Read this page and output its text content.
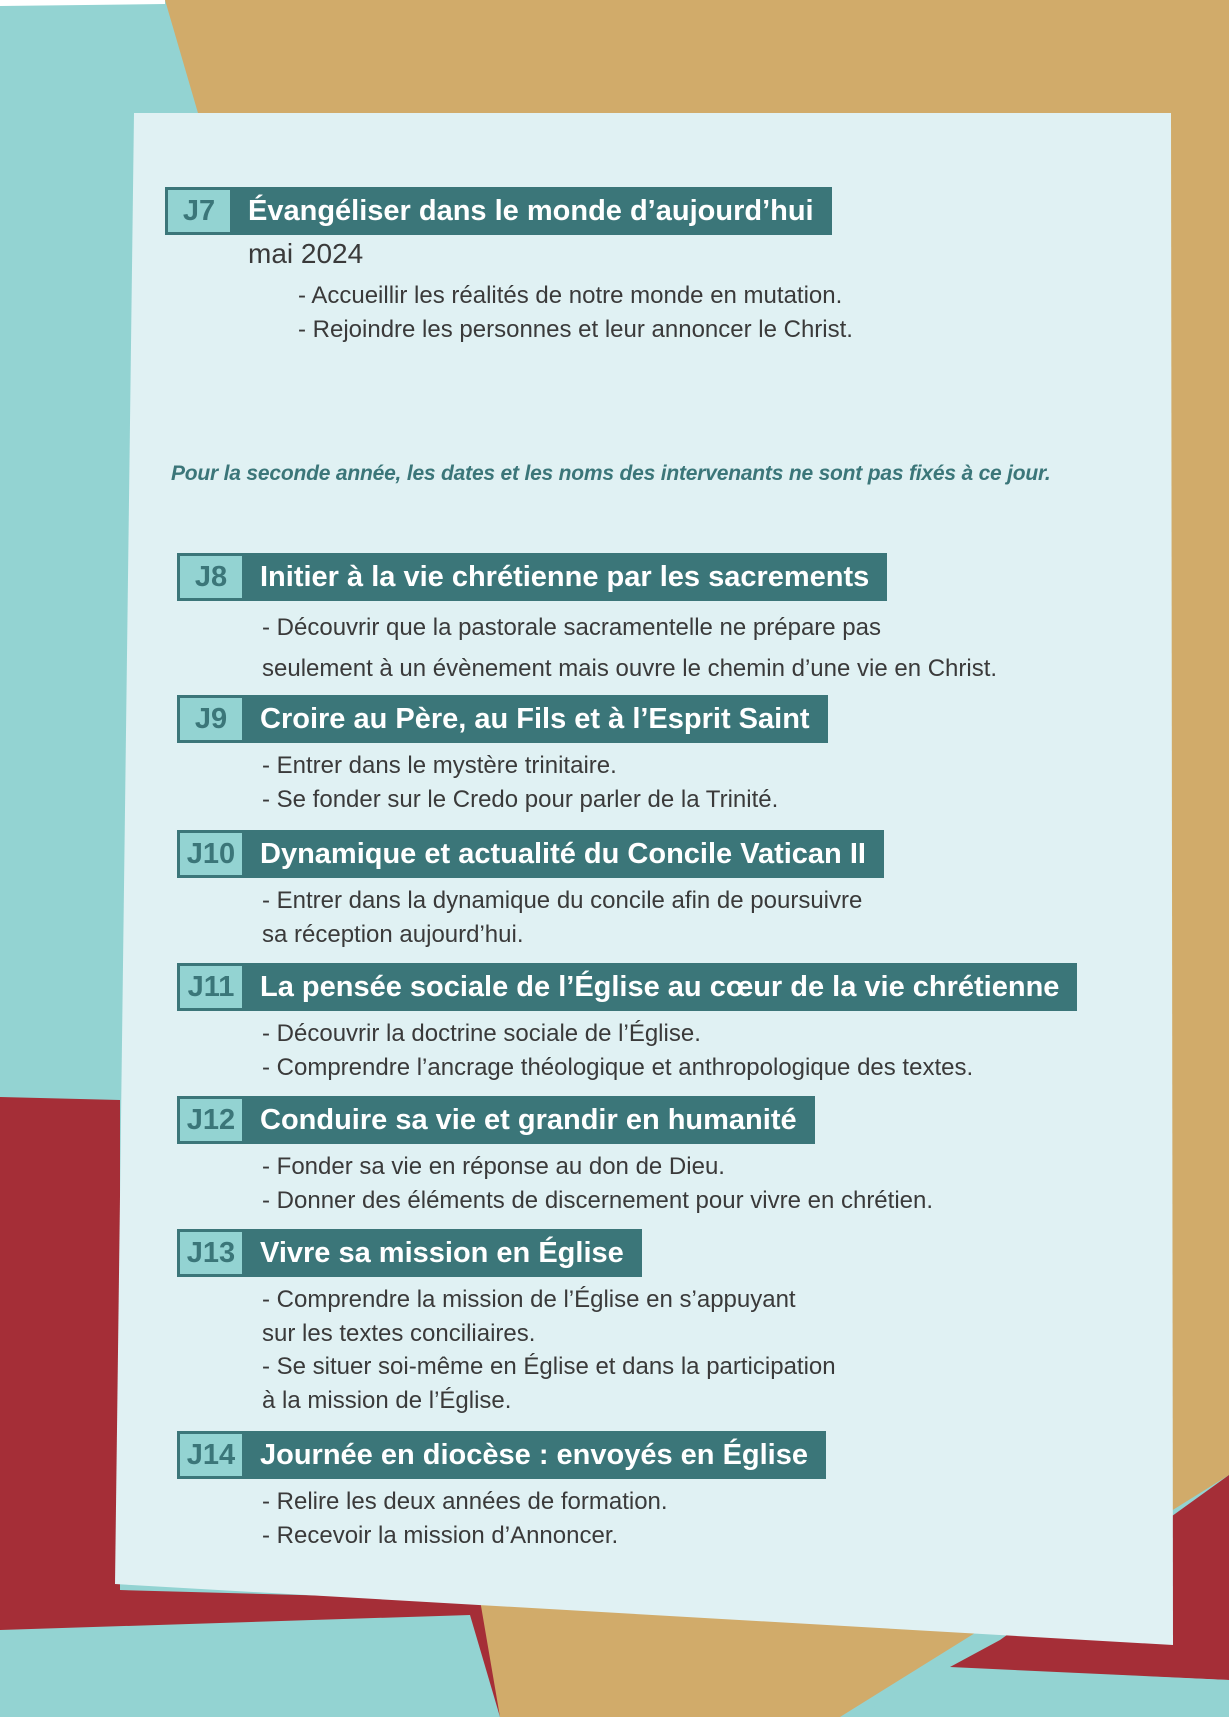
J7	Évangéliser dans le monde d’aujourd’hui
mai 2024
- Accueillir les réalités de notre monde en mutation.
- Rejoindre les personnes et leur annoncer le Christ.
Pour la seconde année, les dates et les noms des intervenants ne sont pas fixés à ce jour.
J8	Initier à la vie chrétienne par les sacrements
- Découvrir que la pastorale sacramentelle ne prépare pas
seulement à un évènement mais ouvre le chemin d’une vie en Christ.
J9	Croire au Père, au Fils et à l’Esprit Saint
- Entrer dans le mystère trinitaire.
- Se fonder sur le Credo pour parler de la Trinité.
J10 Dynamique et actualité du Concile Vatican II
- Entrer dans la dynamique du concile afin de poursuivre
sa réception aujourd’hui.
J11 La pensée sociale de l’Église au cœur de la vie chrétienne
- Découvrir la doctrine sociale de l’Église.
- Comprendre l’ancrage théologique et anthropologique des textes.
J12 Conduire sa vie et grandir en humanité
- Fonder sa vie en réponse au don de Dieu.
- Donner des éléments de discernement pour vivre en chrétien.
J13 Vivre sa mission en Église
- Comprendre la mission de l’Église en s’appuyant
sur les textes conciliaires.
- Se situer soi-même en Église et dans la participation
à la mission de l’Église.
J14 Journée en diocèse : envoyés en Église
- Relire les deux années de formation.
- Recevoir la mission d’Annoncer.
